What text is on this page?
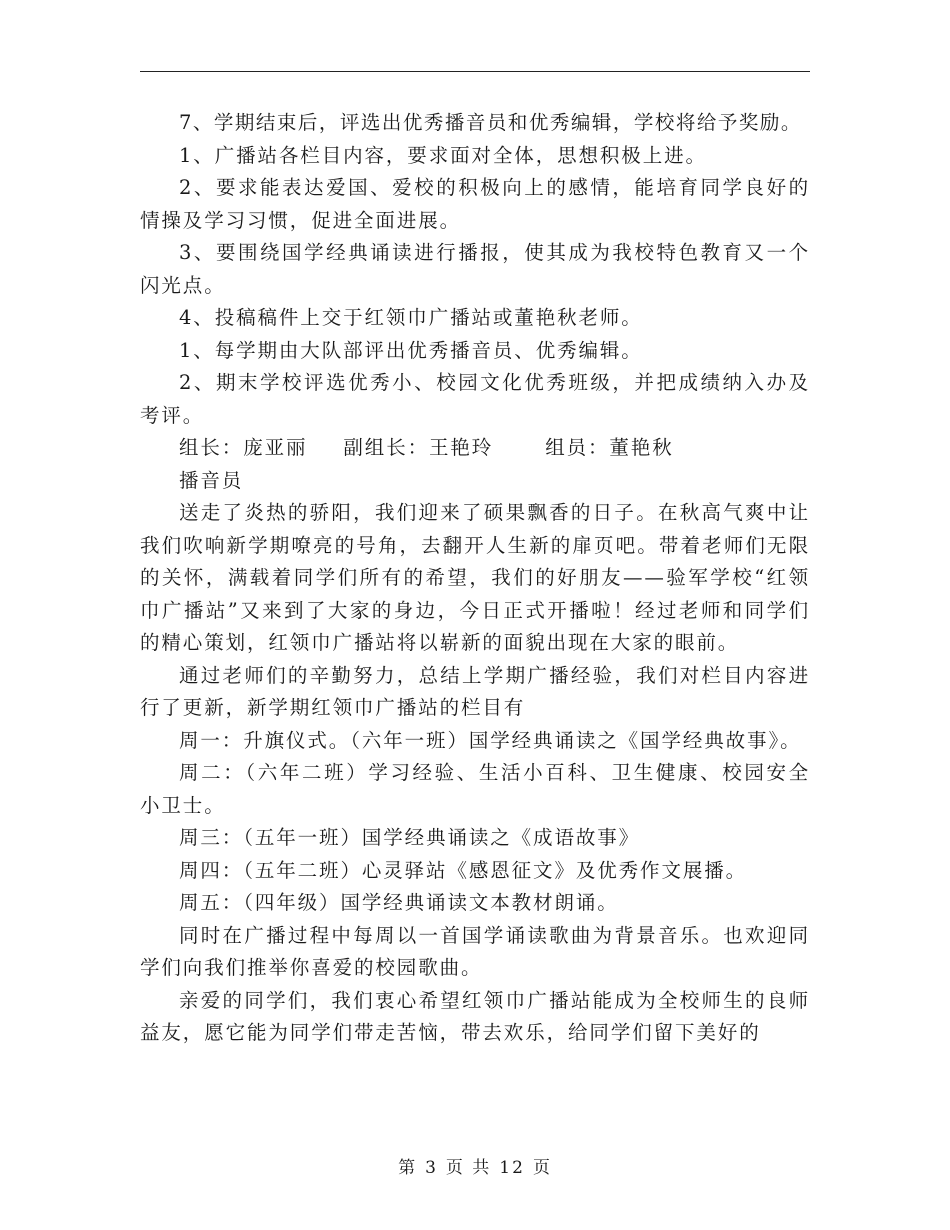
7、学期结束后，评选出优秀播音员和优秀编辑，学校将给予奖励。

1、广播站各栏目内容，要求面对全体，思想积极上进。

2、要求能表达爱国、爱校的积极向上的感情，能培育同学良好的情操及学习习惯，促进全面进展。

3、要围绕国学经典诵读进行播报，使其成为我校特色教育又一个闪光点。

4、投稿稿件上交于红领巾广播站或董艳秋老师。

1、每学期由大队部评出优秀播音员、优秀编辑。

2、期末学校评选优秀小、校园文化优秀班级，并把成绩纳入办及考评。

组长：庞亚丽 副组长：王艳玲	组员：董艳秋

播音员

送走了炎热的骄阳，我们迎来了硕果飘香的日子。在秋高气爽中让我们吹响新学期嘹亮的号角，去翻开人生新的扉页吧。带着老师们无限的关怀，满载着同学们所有的希望，我们的好朋友——验军学校“红领巾广播站”又来到了大家的身边，今日正式开播啦！经过老师和同学们的精心策划，红领巾广播站将以崭新的面貌出现在大家的眼前。

通过老师们的辛勤努力，总结上学期广播经验，我们对栏目内容进行了更新，新学期红领巾广播站的栏目有

周一：升旗仪式。（六年一班）国学经典诵读之《国学经典故事》。

周二：（六年二班）学习经验、生活小百科、卫生健康、校园安全小卫士。

周三：（五年一班）国学经典诵读之《成语故事》

周四：（五年二班）心灵驿站《感恩征文》及优秀作文展播。

周五：（四年级）国学经典诵读文本教材朗诵。

同时在广播过程中每周以一首国学诵读歌曲为背景音乐。也欢迎同学们向我们推举你喜爱的校园歌曲。

亲爱的同学们，我们衷心希望红领巾广播站能成为全校师生的良师益友，愿它能为同学们带走苦恼，带去欢乐，给同学们留下美好的

第 3 页 共 12 页
